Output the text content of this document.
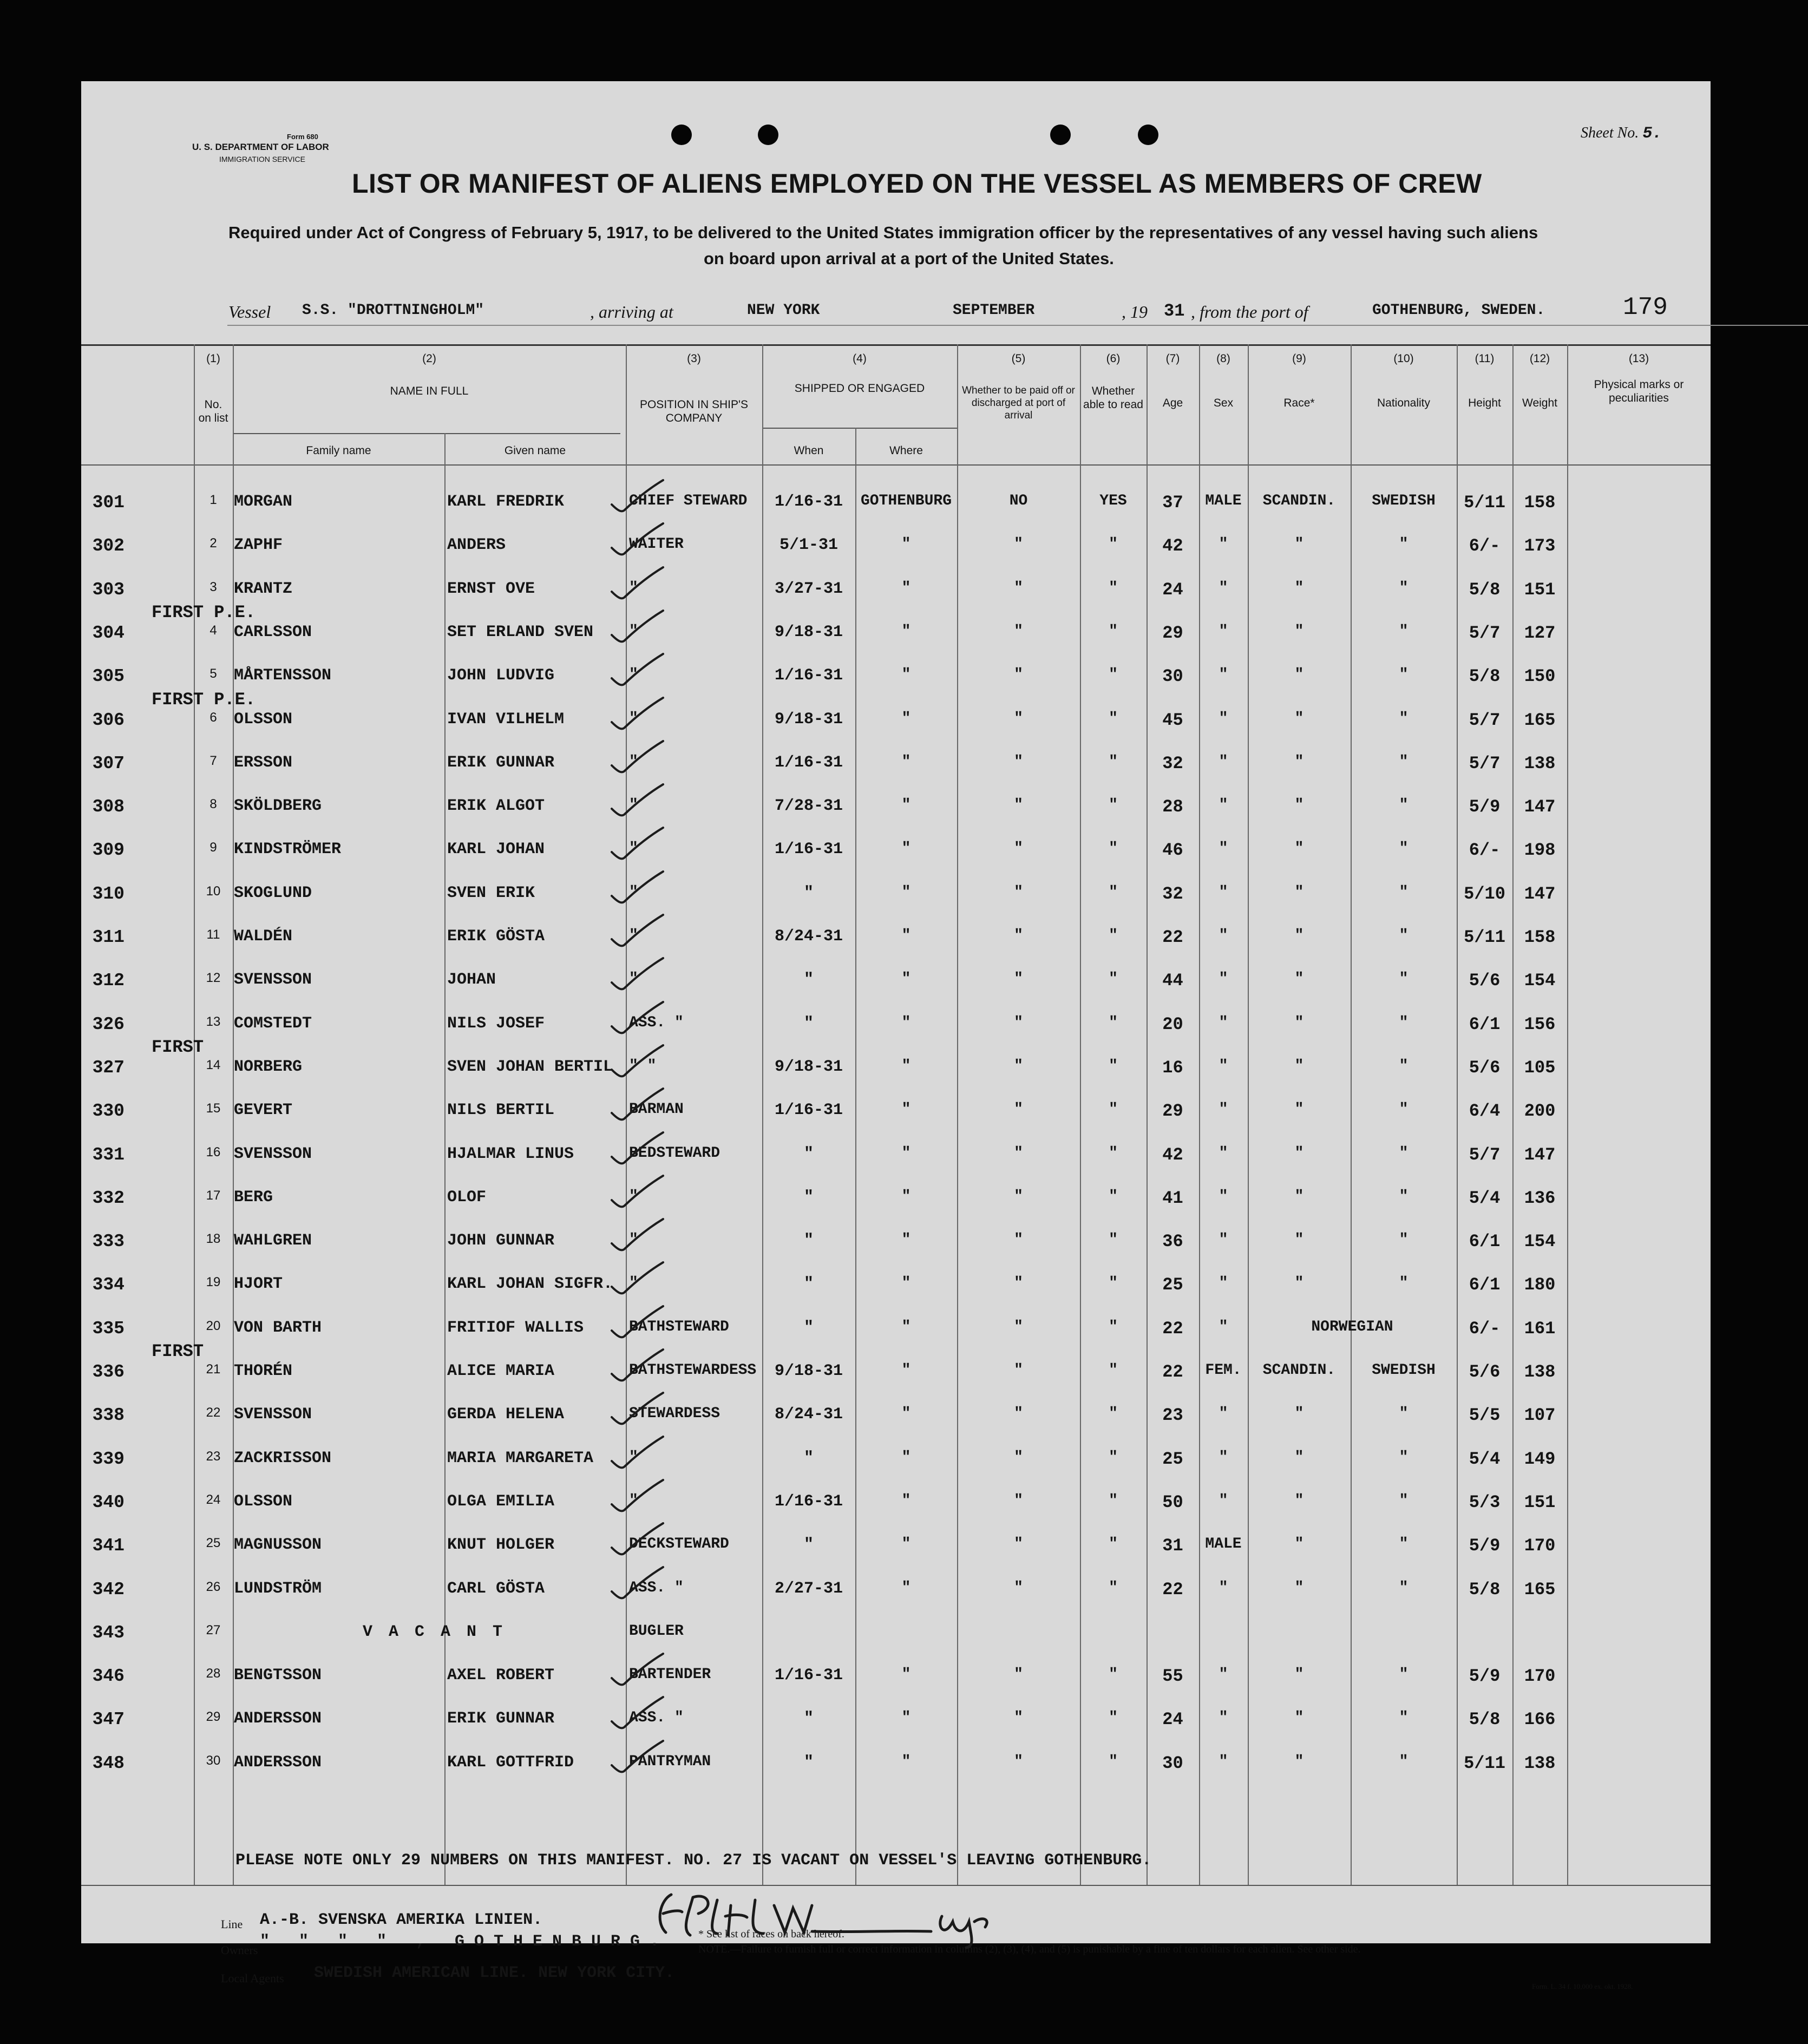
Form 680
U. S. DEPARTMENT OF LABOR
IMMIGRATION SERVICE
Sheet No. 5.
LIST OR MANIFEST OF ALIENS EMPLOYED ON THE VESSEL AS MEMBERS OF CREW
Required under Act of Congress of February 5, 1917, to be delivered to the United States immigration officer by the representatives of any vessel having such aliens
on board upon arrival at a port of the United States.
Vessel S.S. "DROTTNINGHOLM"	, arriving at	NEW YORK	SEPTEMBER	, 19 31 , from the port of	GOTHENBURG, SWEDEN.	179
(1)
No. on list
(2)
NAME IN FULL
Family name	Given name
(3)
POSITION IN SHIP'S COMPANY
(4)
SHIPPED OR ENGAGED
When	Where
(5)
Whether to be paid off or discharged at port of arrival
(6)
Whether able to read
(7)
Age
(8)
Sex
(9)
Race*
(10)
Nationality
(11)
Height
(12)
Weight
(13)
Physical marks or peculiarities
301	1	MORGAN	KARL FREDRIK	CHIEF STEWARD	1/16-31	GOTHENBURG	NO	YES	37	MALE	SCANDIN.	SWEDISH	5/11	158
302	2	ZAPHF	ANDERS	WAITER	5/1-31	"	"	"	42	"	"	"	6/-	173
303	3	KRANTZ	ERNST OVE	"	3/27-31	"	"	"	24	"	"	"	5/8	151
304	4	CARLSSON	SET ERLAND SVEN	"	9/18-31	"	"	"	29	"	"	"	5/7	127
FIRST P.E.
305	5	MÅRTENSSON	JOHN LUDVIG	"	1/16-31	"	"	"	30	"	"	"	5/8	150
306	6	OLSSON	IVAN VILHELM	"	9/18-31	"	"	"	45	"	"	"	5/7	165
FIRST P.E.
307	7	ERSSON	ERIK GUNNAR	"	1/16-31	"	"	"	32	"	"	"	5/7	138
308	8	SKÖLDBERG	ERIK ALGOT	"	7/28-31	"	"	"	28	"	"	"	5/9	147
309	9	KINDSTRÖMER	KARL JOHAN	"	1/16-31	"	"	"	46	"	"	"	6/-	198
310	10 SKOGLUND	SVEN ERIK	"	"	"	"	"	32	"	"	"	5/10	147
311	11 WALDÉN	ERIK GÖSTA	"	8/24-31	"	"	"	22	"	"	"	5/11	158
312	12 SVENSSON	JOHAN	"	"	"	"	"	44	"	"	"	5/6	154
326	13 COMSTEDT	NILS JOSEF	ASS. "	"	"	"	"	20	"	"	"	6/1	156
327	14 NORBERG	SVEN JOHAN BERTIL	" "	9/18-31	"	"	"	16	"	"	"	5/6	105
FIRST
330	15 GEVERT	NILS BERTIL	BARMAN	1/16-31	"	"	"	29	"	"	"	6/4	200
331	16 SVENSSON	HJALMAR LINUS	BEDSTEWARD	"	"	"	"	42	"	"	"	5/7	147
332	17 BERG	OLOF	"	"	"	"	"	41	"	"	"	5/4	136
333	18 WAHLGREN	JOHN GUNNAR	"	"	"	"	"	36	"	"	"	6/1	154
334	19 HJORT	KARL JOHAN SIGFR.	"	"	"	"	"	25	"	"	"	6/1	180
335	20 VON BARTH	FRITIOF WALLIS	BATHSTEWARD	"	"	"	"	22	"	NORWEGIAN	6/-	161
336	21 THORÉN	ALICE MARIA	BATHSTEWARDESS	9/18-31	"	"	"	22	FEM.	SCANDIN.	SWEDISH	5/6	138
FIRST
338	22 SVENSSON	GERDA HELENA	STEWARDESS	8/24-31	"	"	"	23	"	"	"	5/5	107
339	23 ZACKRISSON	MARIA MARGARETA	"	"	"	"	"	25	"	"	"	5/4	149
340	24 OLSSON	OLGA EMILIA	"	1/16-31	"	"	"	50	"	"	"	5/3	151
341	25 MAGNUSSON	KNUT HOLGER	DECKSTEWARD	"	"	"	"	31	MALE	"	"	5/9	170
342	26 LUNDSTRÖM	CARL GÖSTA	ASS. "	2/27-31	"	"	"	22	"	"	"	5/8	165
343	27	V A C A N T	BUGLER
346	28 BENGTSSON	AXEL ROBERT	BARTENDER	1/16-31	"	"	"	55	"	"	"	5/9	170
347	29 ANDERSSON	ERIK GUNNAR	ASS. "	"	"	"	"	24	"	"	"	5/8	166
348	30 ANDERSSON	KARL GOTTFRID	PANTRYMAN	"	"	"	"	30	"	"	"	5/11	138
PLEASE NOTE ONLY 29 NUMBERS ON THIS MANIFEST. NO. 27 IS VACANT ON VESSEL'S LEAVING GOTHENBURG.
Line A.-B. SVENSKA AMERIKA LINIEN.
Owners " " " " , GOTHENBURG.
Local Agents SWEDISH AMERICAN LINE. NEW YORK CITY.
* See list of races on back hereof.
NOTE.—Failure to furnish full or correct information in columns (2), (3), (4), and (5) is punishable by a fine of ten dollars for each alien. See other side.
Form. L. 34 f. 10,000 ex. okt. 1928.
